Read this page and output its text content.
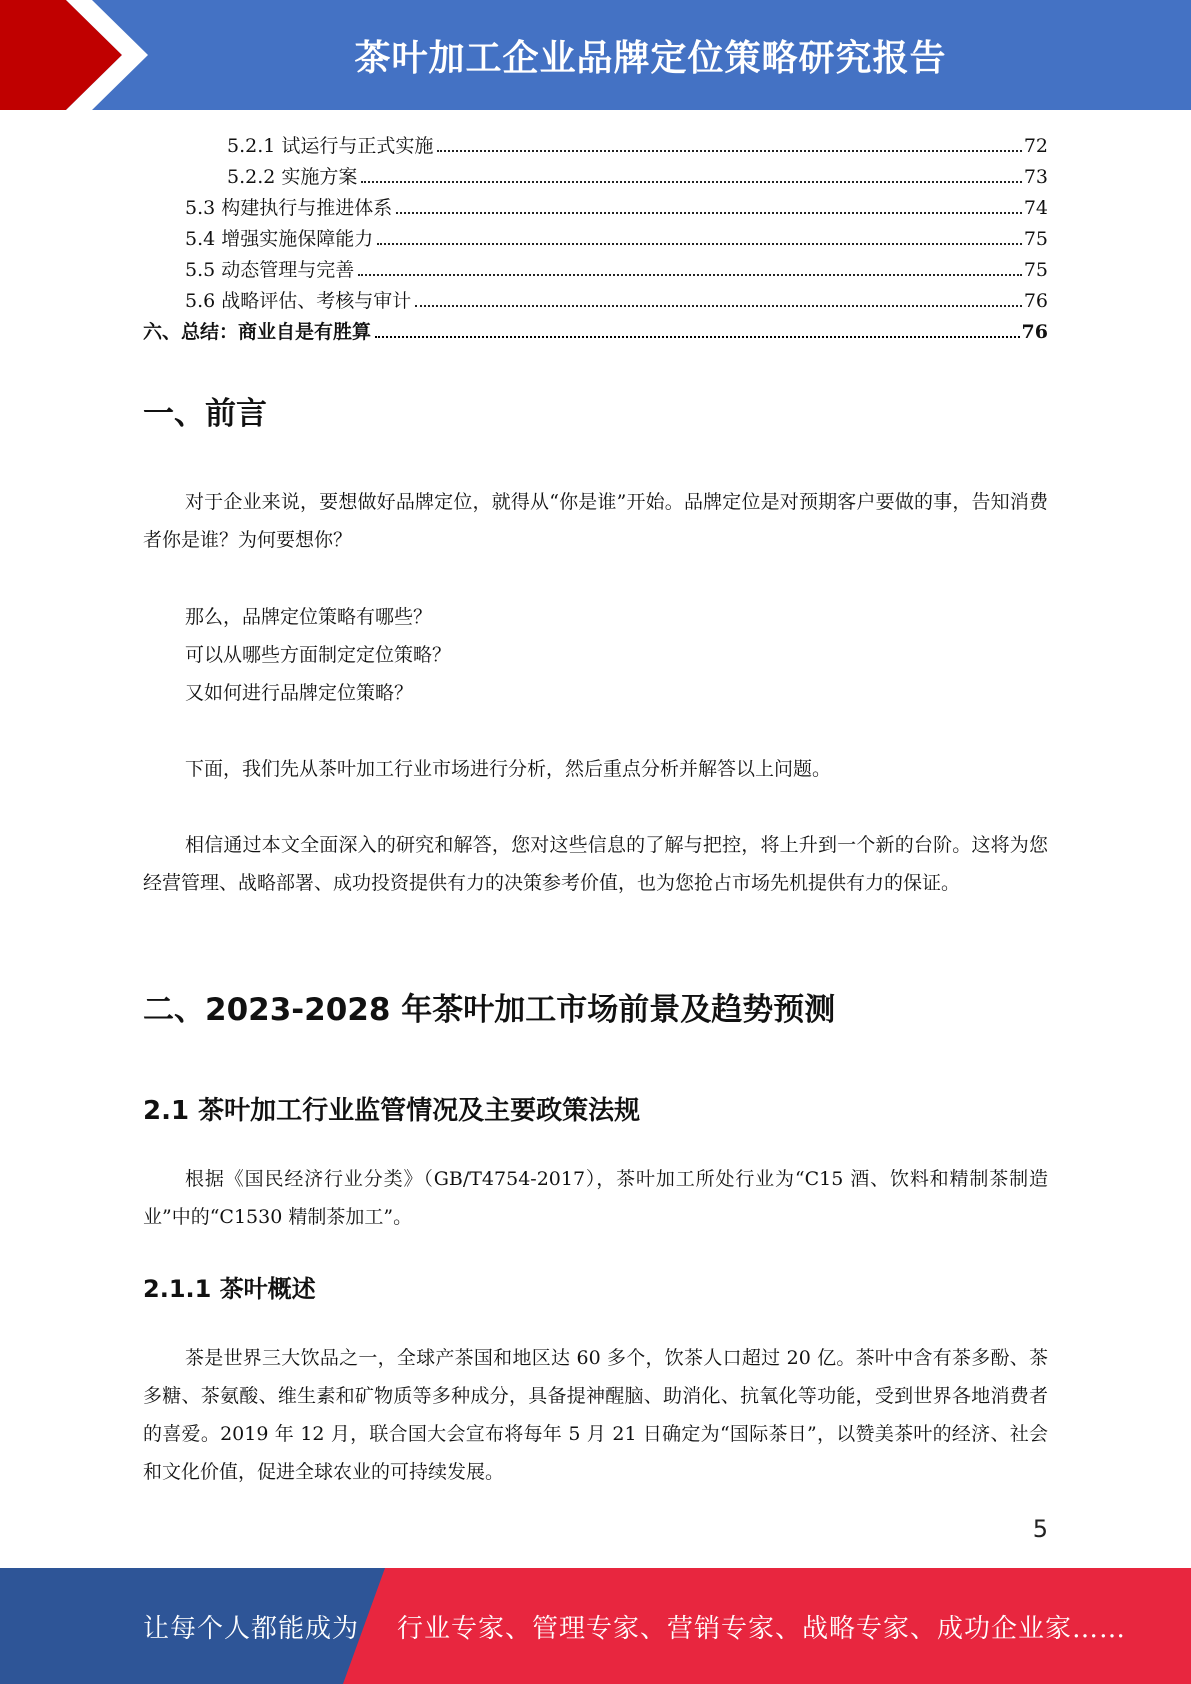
茶叶加工企业品牌定位策略研究报告
5.2.1 试运行与正式实施	72
5.2.2 实施方案	73
5.3 构建执行与推进体系	74
5.4 增强实施保障能力	75
5.5 动态管理与完善	75
5.6 战略评估、考核与审计	76
六、总结：商业自是有胜算	76
一、前言

对于企业来说，要想做好品牌定位，就得从“你是谁”开始。品牌定位是对预期客户要做的事，告知消费者你是谁？为何要想你？

那么，品牌定位策略有哪些？

可以从哪些方面制定定位策略？

又如何进行品牌定位策略？

下面，我们先从茶叶加工行业市场进行分析，然后重点分析并解答以上问题。

相信通过本文全面深入的研究和解答，您对这些信息的了解与把控，将上升到一个新的台阶。这将为您经营管理、战略部署、成功投资提供有力的决策参考价值，也为您抢占市场先机提供有力的保证。

二、2023-2028 年茶叶加工市场前景及趋势预测
2.1 茶叶加工行业监管情况及主要政策法规

根据《国民经济行业分类》（GB/T4754-2017），茶叶加工所处行业为“C15 酒、饮料和精制茶制造业”中的“C1530 精制茶加工”。

2.1.1 茶叶概述

茶是世界三大饮品之一，全球产茶国和地区达 60 多个，饮茶人口超过 20 亿。茶叶中含有茶多酚、茶多糖、茶氨酸、维生素和矿物质等多种成分，具备提神醒脑、助消化、抗氧化等功能，受到世界各地消费者的喜爱。2019 年 12 月，联合国大会宣布将每年 5 月 21 日确定为“国际茶日”，以赞美茶叶的经济、社会和文化价值，促进全球农业的可持续发展。

5
让每个人都能成为 行业专家、管理专家、营销专家、战略专家、成功企业家……
